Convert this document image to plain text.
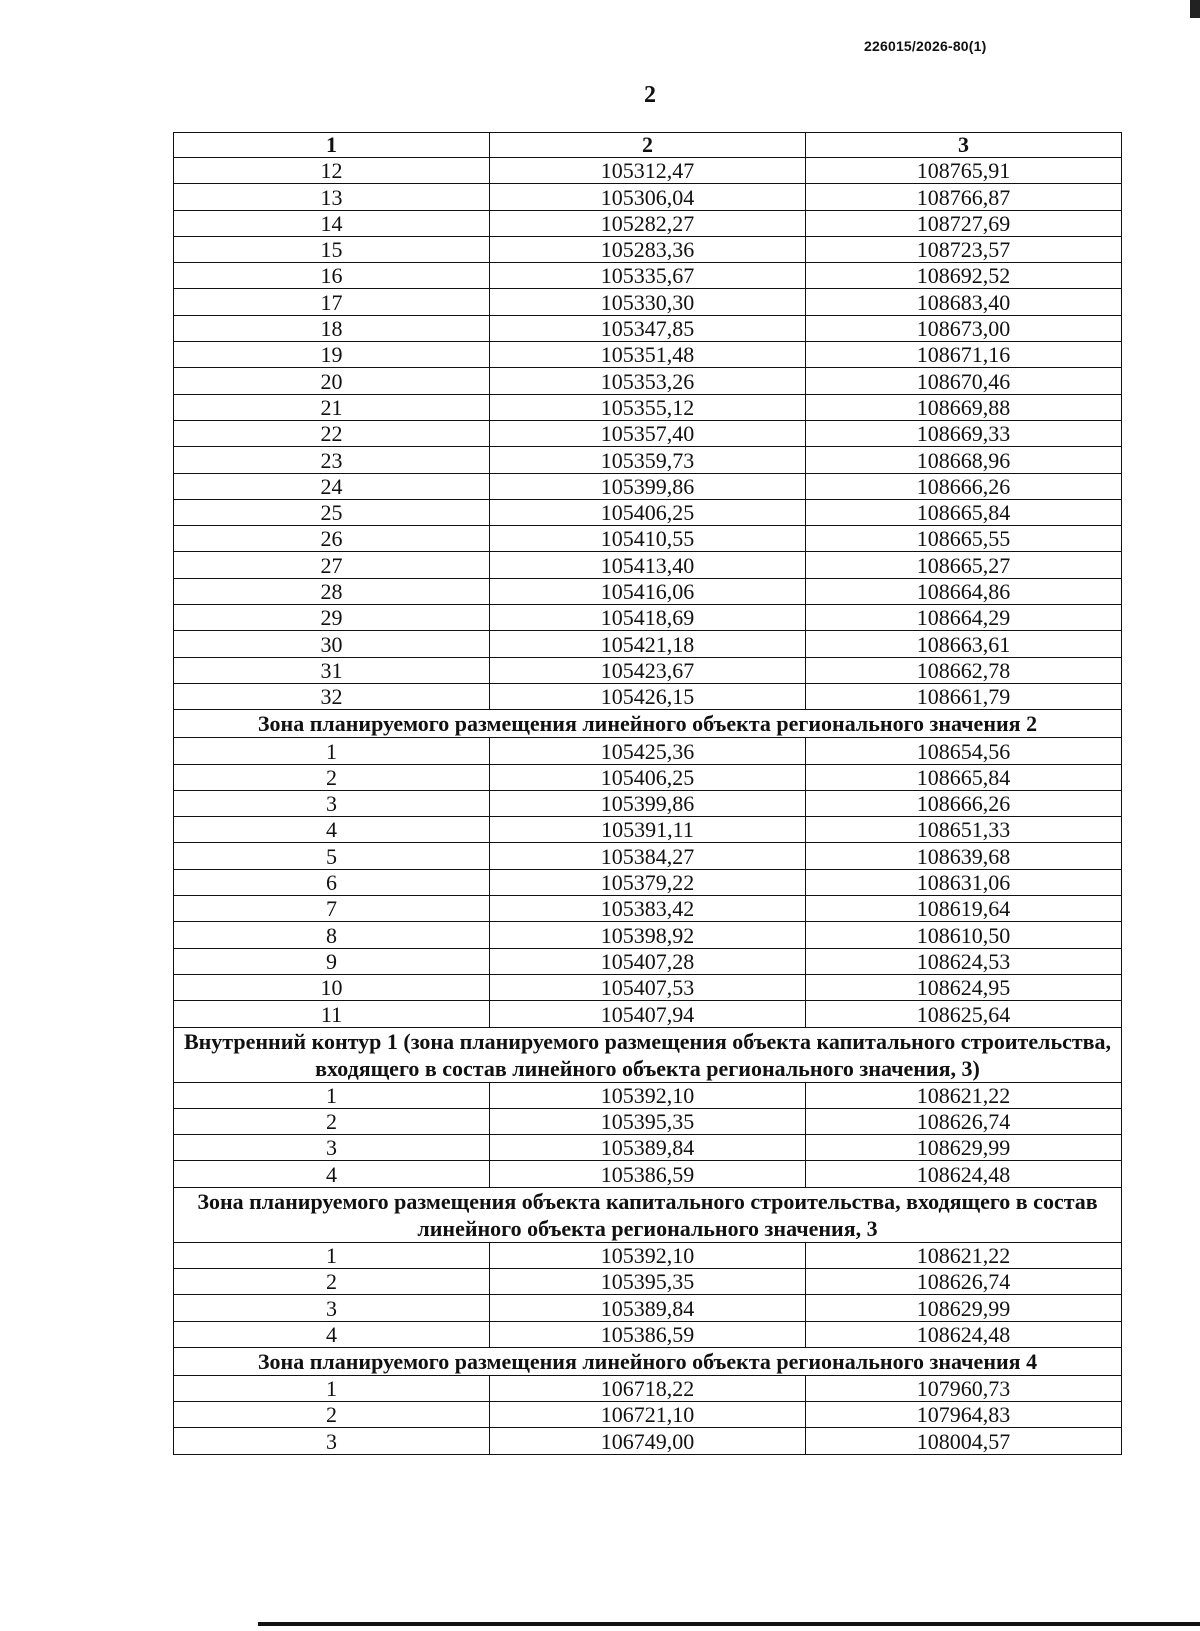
226015/2026-80(1)
2
1	2	3
12	105312,47	108765,91
13	105306,04	108766,87
14	105282,27	108727,69
15	105283,36	108723,57
16	105335,67	108692,52
17	105330,30	108683,40
18	105347,85	108673,00
19	105351,48	108671,16
20	105353,26	108670,46
21	105355,12	108669,88
22	105357,40	108669,33
23	105359,73	108668,96
24	105399,86	108666,26
25	105406,25	108665,84
26	105410,55	108665,55
27	105413,40	108665,27
28	105416,06	108664,86
29	105418,69	108664,29
30	105421,18	108663,61
31	105423,67	108662,78
32	105426,15	108661,79
Зона планируемого размещения линейного объекта регионального значения 2		
1	105425,36	108654,56
2	105406,25	108665,84
3	105399,86	108666,26
4	105391,11	108651,33
5	105384,27	108639,68
6	105379,22	108631,06
7	105383,42	108619,64
8	105398,92	108610,50
9	105407,28	108624,53
10	105407,53	108624,95
11	105407,94	108625,64
Внутренний контур 1 (зона планируемого размещения объекта капитального строительства, входящего в состав линейного объекта регионального значения, 3)		
1	105392,10	108621,22
2	105395,35	108626,74
3	105389,84	108629,99
4	105386,59	108624,48
Зона планируемого размещения объекта капитального строительства, входящего в состав линейного объекта регионального значения, 3		
1	105392,10	108621,22
2	105395,35	108626,74
3	105389,84	108629,99
4	105386,59	108624,48
Зона планируемого размещения линейного объекта регионального значения 4		
1	106718,22	107960,73
2	106721,10	107964,83
3	106749,00	108004,57
